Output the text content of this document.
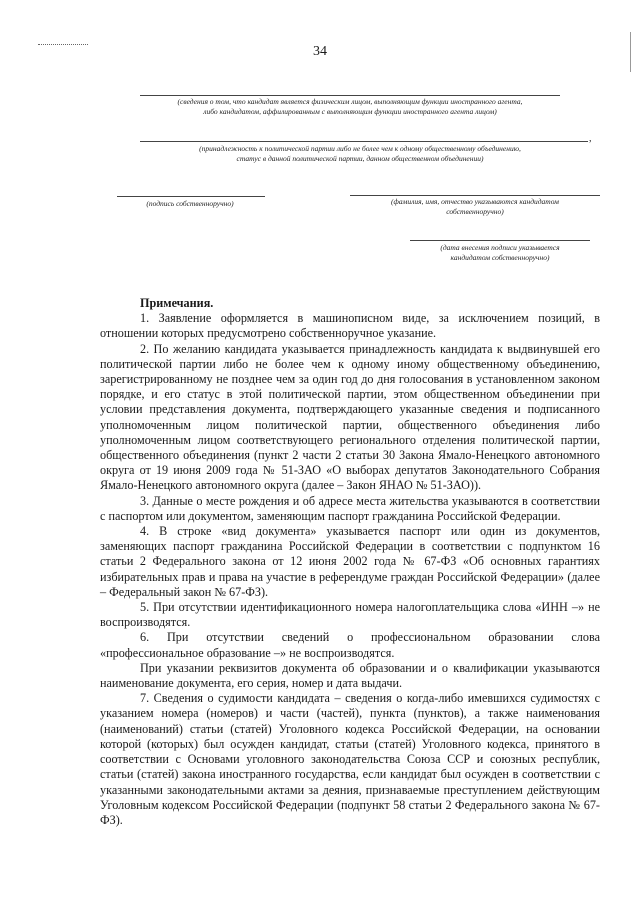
34
(сведения о том, что кандидат является физическим лицом, выполняющим функции иностранного агента,
либо кандидатом, аффилированным с выполняющим функции иностранного агента лицом)
,
(принадлежность к политической партии либо не более чем к одному общественному объединению,
статус в данной политической партии, данном общественном объединении)
(подпись собственноручно)	(фамилия, имя, отчество указываются кандидатом
собственноручно)
(дата внесения подписи указывается
кандидатом собственноручно)

Примечания.

1. Заявление оформляется в машинописном виде, за исключением позиций, в отношении которых предусмотрено собственноручное указание.

2. По желанию кандидата указывается принадлежность кандидата к выдвинувшей его политической партии либо не более чем к одному иному общественному объединению, зарегистрированному не позднее чем за один год до дня голосования в установленном законом порядке, и его статус в этой политической партии, этом общественном объединении при условии представления документа, подтверждающего указанные сведения и подписанного уполномоченным лицом политической партии, общественного объединения либо уполномоченным лицом соответствующего регионального отделения политической партии, общественного объединения (пункт 2 части 2 статьи 30 Закона Ямало-Ненецкого автономного округа от 19 июня 2009 года № 51-ЗАО «О выборах депутатов Законодательного Собрания Ямало-Ненецкого автономного округа (далее – Закон ЯНАО № 51-ЗАО)).

3. Данные о месте рождения и об адресе места жительства указываются в соответствии с паспортом или документом, заменяющим паспорт гражданина Российской Федерации.

4. В строке «вид документа» указывается паспорт или один из документов, заменяющих паспорт гражданина Российской Федерации в соответствии с подпунктом 16 статьи 2 Федерального закона от 12 июня 2002 года № 67-ФЗ «Об основных гарантиях избирательных прав и права на участие в референдуме граждан Российской Федерации» (далее – Федеральный закон № 67-ФЗ).

5. При отсутствии идентификационного номера налогоплательщика слова «ИНН –» не воспроизводятся.

6. При отсутствии сведений о профессиональном образовании слова «профессиональное образование –» не воспроизводятся.

При указании реквизитов документа об образовании и о квалификации указываются наименование документа, его серия, номер и дата выдачи.

7. Сведения о судимости кандидата – сведения о когда-либо имевшихся судимостях с указанием номера (номеров) и части (частей), пункта (пунктов), а также наименования (наименований) статьи (статей) Уголовного кодекса Российской Федерации, на основании которой (которых) был осужден кандидат, статьи (статей) Уголовного кодекса, принятого в соответствии с Основами уголовного законодательства Союза ССР и союзных республик, статьи (статей) закона иностранного государства, если кандидат был осужден в соответствии с указанными законодательными актами за деяния, признаваемые преступлением действующим Уголовным кодексом Российской Федерации (подпункт 58 статьи 2 Федерального закона № 67-ФЗ).
